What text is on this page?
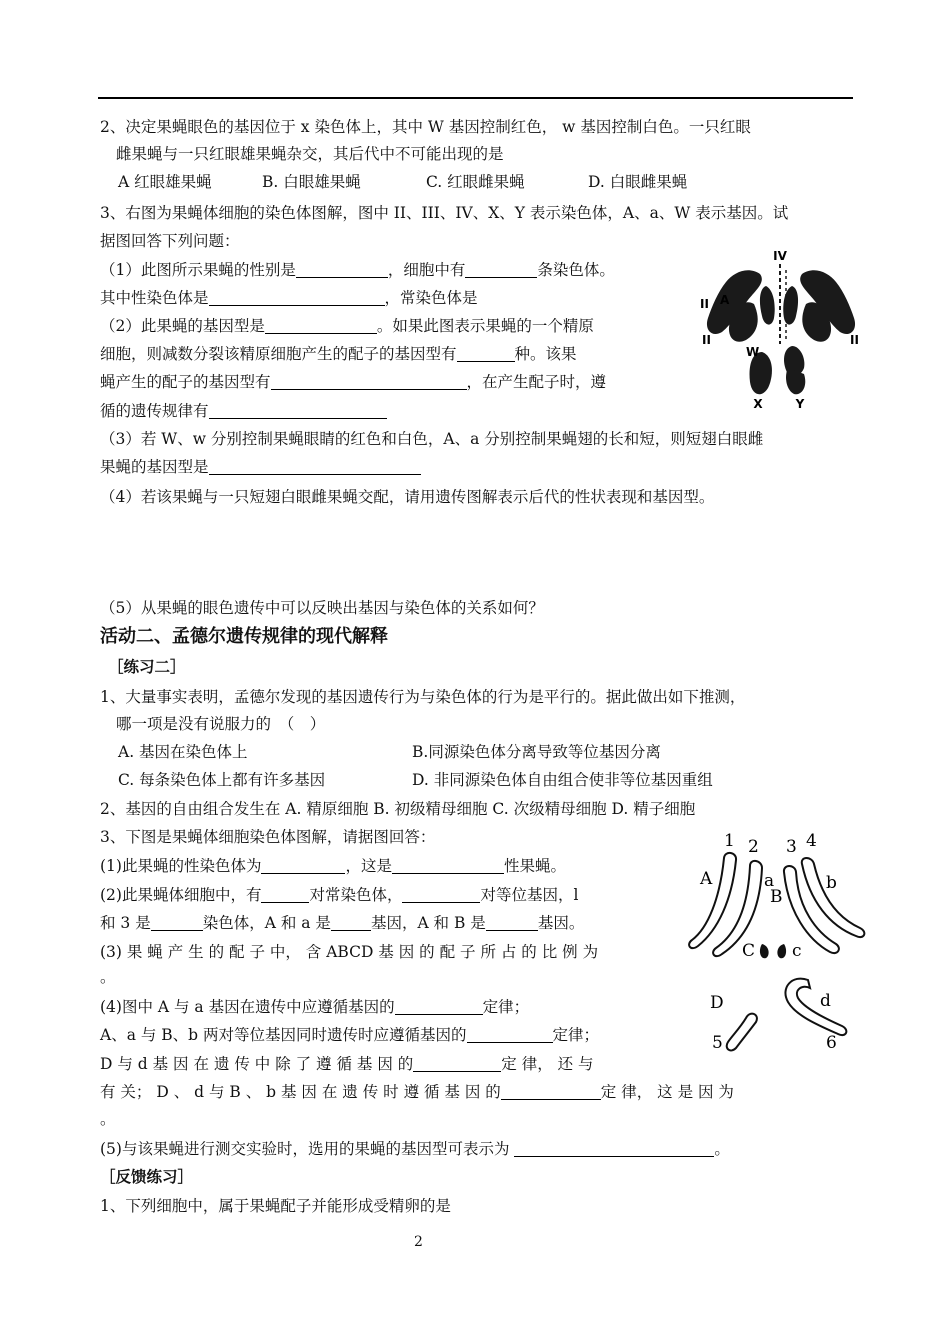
2、决定果蝇眼色的基因位于 x 染色体上，其中 W 基因控制红色， w 基因控制白色。一只红眼
雌果蝇与一只红眼雄果蝇杂交，其后代中不可能出现的是
A 红眼雄果蝇	B. 白眼雄果蝇	C. 红眼雌果蝇	D. 白眼雌果蝇
3、右图为果蝇体细胞的染色体图解，图中 II、III、IV、X、Y 表示染色体，A、a、W 表示基因。试
据图回答下列问题：
（1）此图所示果蝇的性别是	，细胞中有	条染色体。
其中性染色体是	，常染色体是
（2）此果蝇的基因型是	。如果此图表示果蝇的一个精原
细胞，则减数分裂该精原细胞产生的配子的基因型有	种。该果
蝇产生的配子的基因型有	，在产生配子时，遵
循的遗传规律有
（3）若 W、w 分别控制果蝇眼睛的红色和白色，A、a 分别控制果蝇翅的长和短，则短翅白眼雌
果蝇的基因型是
（4）若该果蝇与一只短翅白眼雌果蝇交配，请用遗传图解表示后代的性状表现和基因型。
（5）从果蝇的眼色遗传中可以反映出基因与染色体的关系如何？
IV
II A
II	II
W
X	Y
活动二、孟德尔遗传规律的现代解释
［练习二］
1、大量事实表明，孟德尔发现的基因遗传行为与染色体的行为是平行的。据此做出如下推测，
哪一项是没有说服力的　（　）
A. 基因在染色体上	B.同源染色体分离导致等位基因分离
C. 每条染色体上都有许多基因	D. 非同源染色体自由组合使非等位基因重组
2、基因的自由组合发生在 A. 精原细胞 B. 初级精母细胞 C. 次级精母细胞 D. 精子细胞
3、下图是果蝇体细胞染色体图解，请据图回答：
(1)此果蝇的性染色体为	，这是	性果蝇。
(2)此果蝇体细胞中，有	对常染色体，	对等位基因，l
和 3 是	染色体，A 和 a 是	基因，A 和 B 是	基因。
(3) 果 蝇 产 生 的 配 子 中， 含 ABCD 基 因 的 配 子 所 占 的 比 例 为
。
(4)图中 A 与 a 基因在遗传中应遵循基因的	定律；
A、a 与 B、b 两对等位基因同时遗传时应遵循基因的	定律；
D 与 d 基 因 在 遗 传 中 除 了 遵 循 基 因 的	定 律， 还 与
有 关； D 、 d 与 B 、 b 基 因 在 遗 传 时 遵 循 基 因 的	定 律， 这 是 因 为
。
(5)与该果蝇进行测交实验时，选用的果蝇的基因型可表示为	。
［反馈练习］
1、下列细胞中，属于果蝇配子并能形成受精卵的是
1 2 3 4
A	a
B
b
C c
D	d
5	6
2
